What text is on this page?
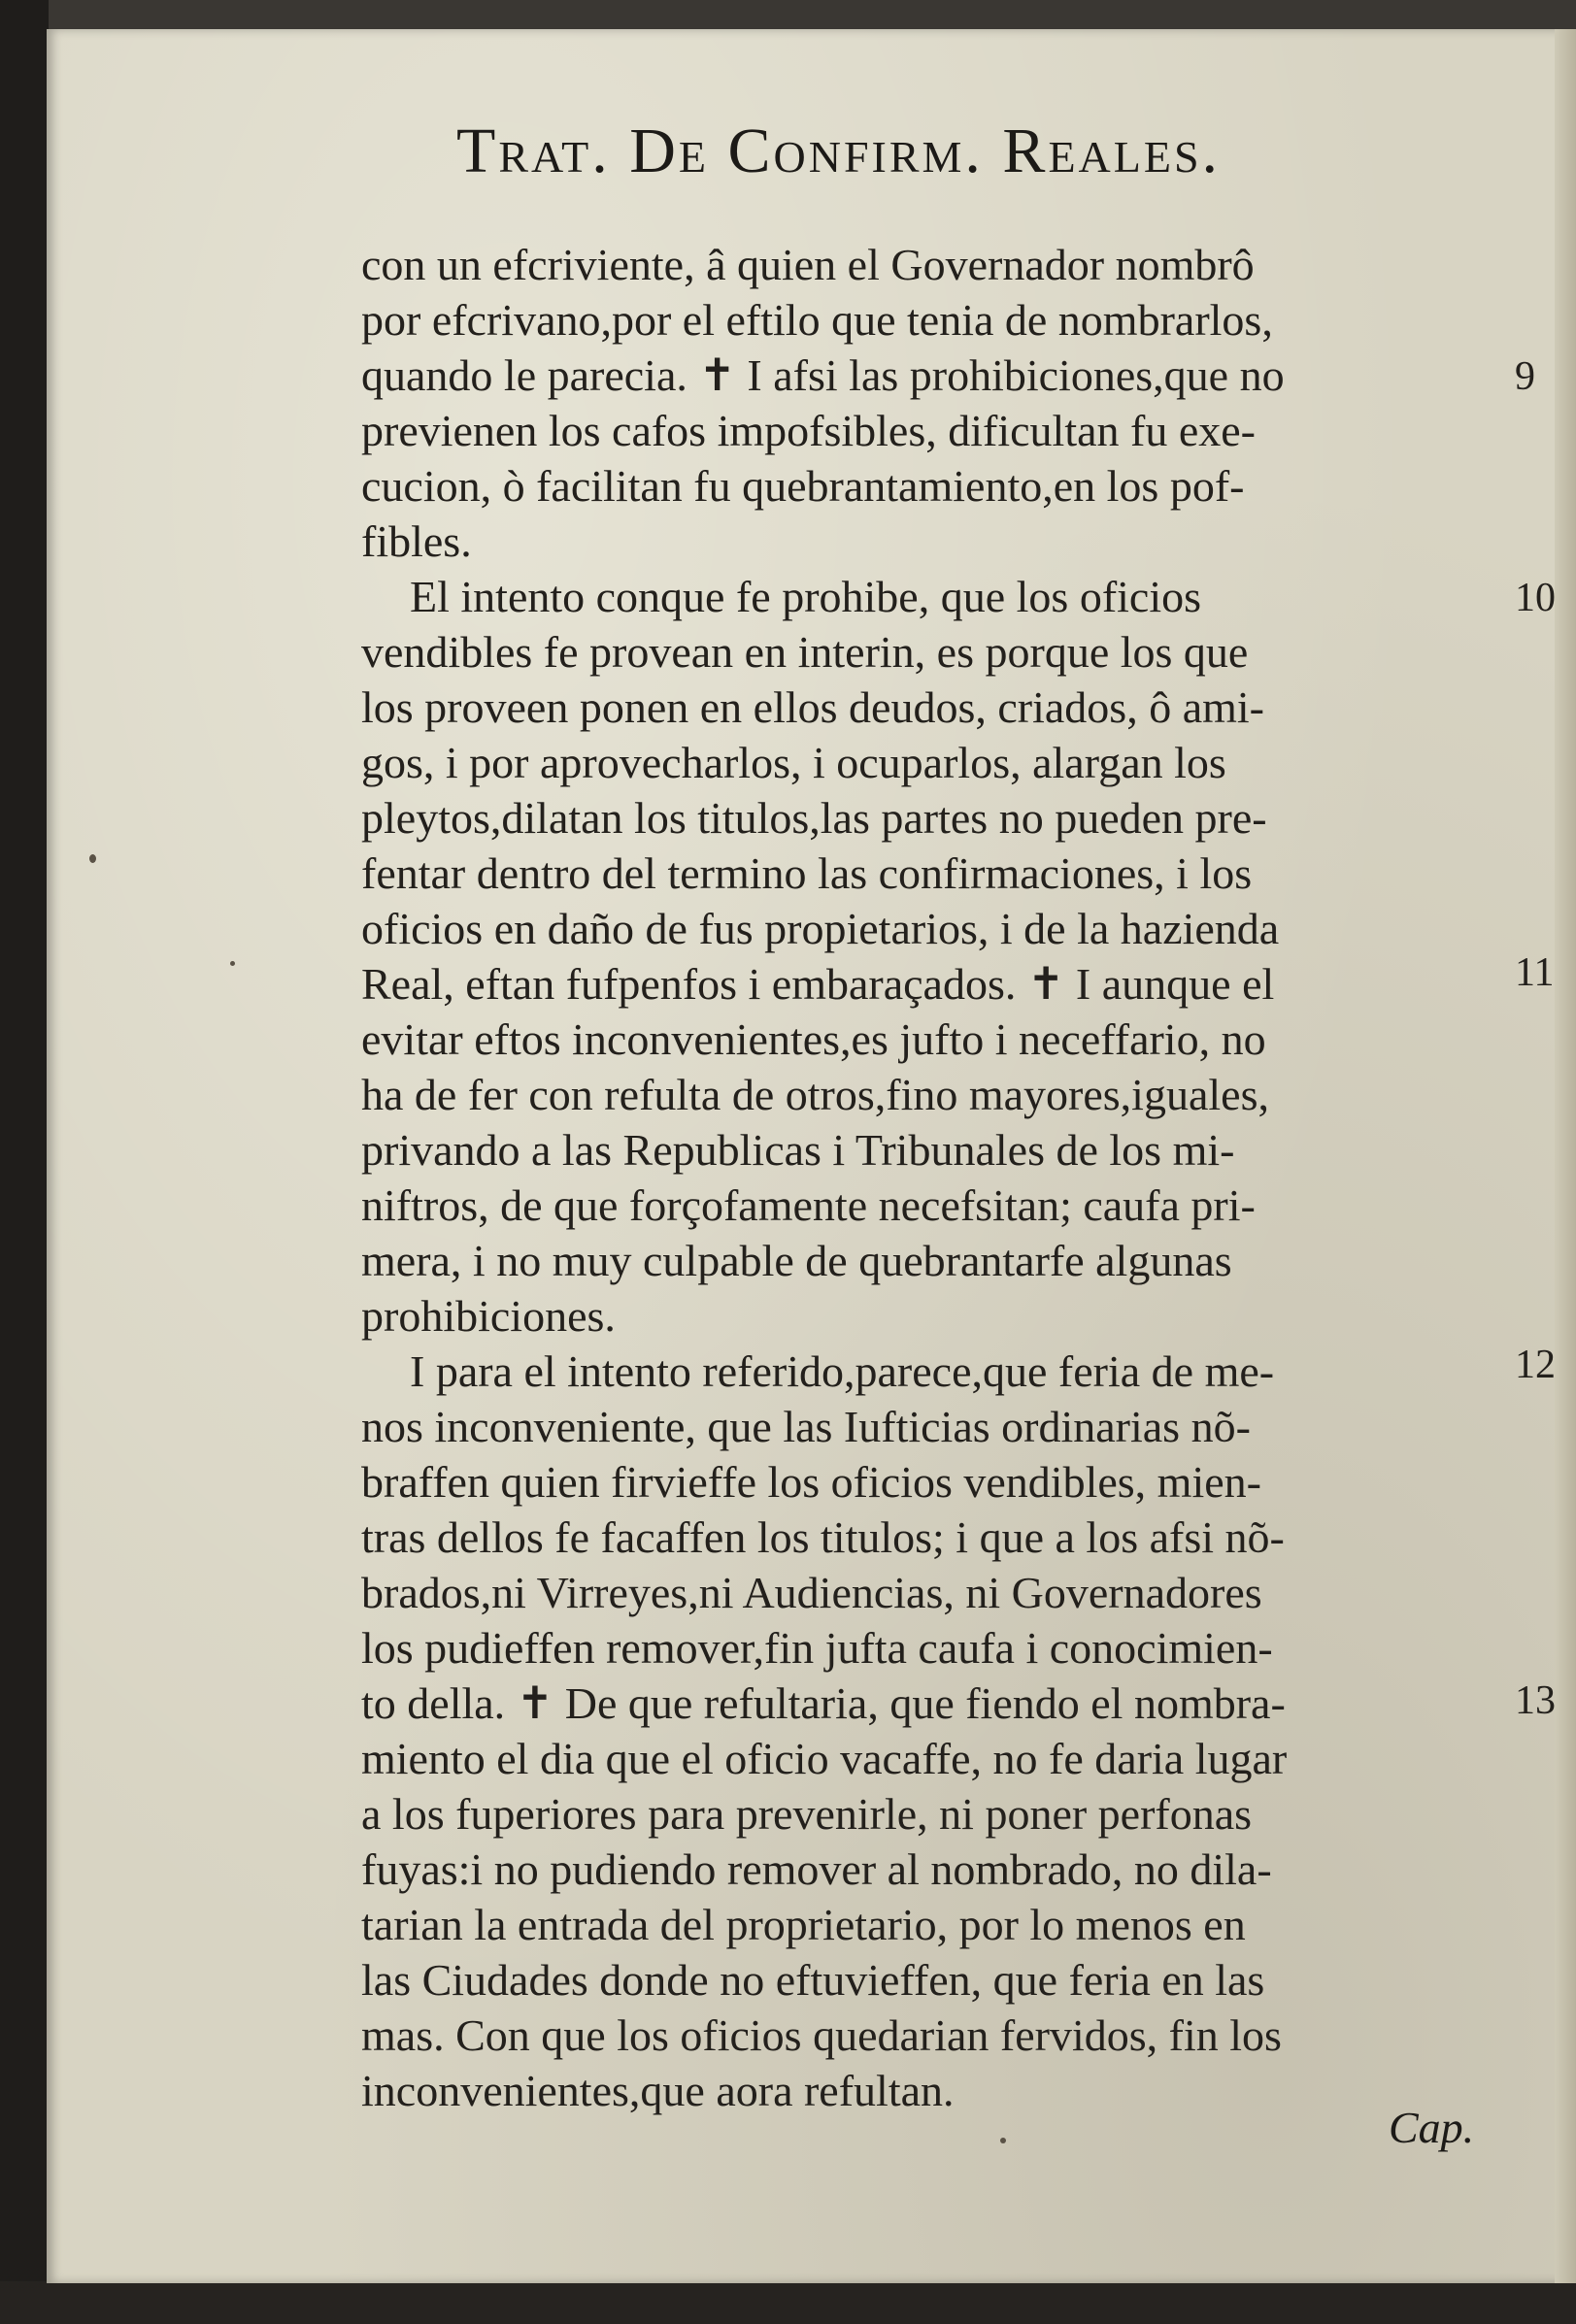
Trat. De Confirm. Reales.
con un efcriviente, â quien el Governador nombrô
por efcrivano,por el eftilo que tenia de nombrarlos,
quando le parecia. ✝ I afsi las prohibiciones,que no
previenen los cafos impofsibles, dificultan fu exe-
cucion, ò facilitan fu quebrantamiento,en los pof-
fibles.
El intento conque fe prohibe, que los oficios
vendibles fe provean en interin, es porque los que
los proveen ponen en ellos deudos, criados, ô ami-
gos, i por aprovecharlos, i ocuparlos, alargan los
pleytos,dilatan los titulos,las partes no pueden pre-
fentar dentro del termino las confirmaciones, i los
oficios en daño de fus propietarios, i de la hazienda
Real, eftan fufpenfos i embaraçados. ✝ I aunque el
evitar eftos inconvenientes,es jufto i neceffario, no
ha de fer con refulta de otros,fino mayores,iguales,
privando a las Republicas i Tribunales de los mi-
niftros, de que forçofamente necefsitan; caufa pri-
mera, i no muy culpable de quebrantarfe algunas
prohibiciones.
I para el intento referido,parece,que feria de me-
nos inconveniente, que las Iufticias ordinarias nõ-
braffen quien firvieffe los oficios vendibles, mien-
tras dellos fe facaffen los titulos; i que a los afsi nõ-
brados,ni Virreyes,ni Audiencias, ni Governadores
los pudieffen remover,fin jufta caufa i conocimien-
to della. ✝ De que refultaria, que fiendo el nombra-
miento el dia que el oficio vacaffe, no fe daria lugar
a los fuperiores para prevenirle, ni poner perfonas
fuyas:i no pudiendo remover al nombrado, no dila-
tarian la entrada del proprietario, por lo menos en
las Ciudades donde no eftuvieffen, que feria en las
mas. Con que los oficios quedarian fervidos, fin los
inconvenientes,que aora refultan.
9
10
11
12
13
Cap.
